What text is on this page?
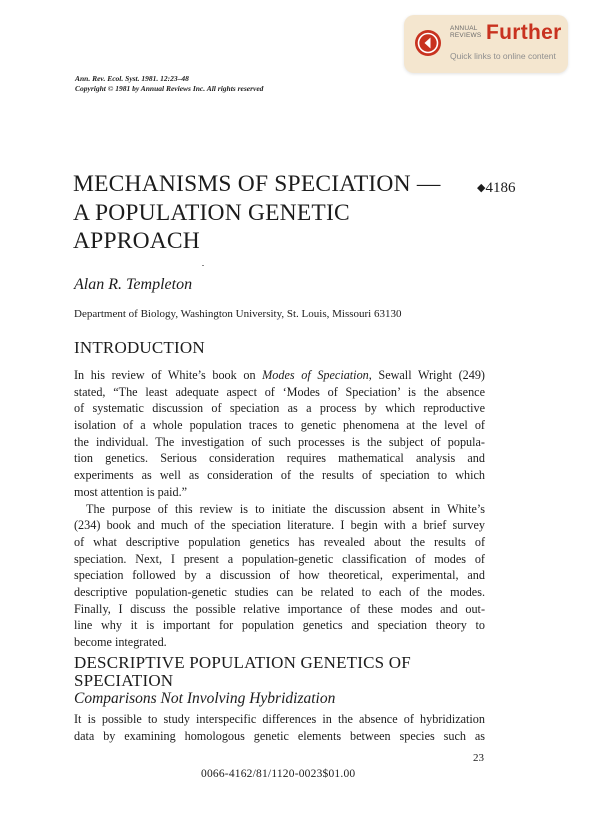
ANNUAL
REVIEWS Further
Quick links to online content
Ann. Rev. Ecol. Syst. 1981. 12:23–48
Copyright © 1981 by Annual Reviews Inc. All rights reserved
MECHANISMS OF SPECIATION —
A POPULATION GENETIC
APPROACH
◆4186
Alan R. Templeton
Department of Biology, Washington University, St. Louis, Missouri 63130
INTRODUCTION
In his review of White’s book on Modes of Speciation, Sewall Wright (249)
stated, “The least adequate aspect of ‘Modes of Speciation’ is the absence
of systematic discussion of speciation as a process by which reproductive
isolation of a whole population traces to genetic phenomena at the level of
the individual. The investigation of such processes is the subject of popula-
tion genetics. Serious consideration requires mathematical analysis and
experiments as well as consideration of the results of speciation to which
most attention is paid.”
The purpose of this review is to initiate the discussion absent in White’s
(234) book and much of the speciation literature. I begin with a brief survey
of what descriptive population genetics has revealed about the results of
speciation. Next, I present a population-genetic classification of modes of
speciation followed by a discussion of how theoretical, experimental, and
descriptive population-genetic studies can be related to each of the modes.
Finally, I discuss the possible relative importance of these modes and out-
line why it is important for population genetics and speciation theory to
become integrated.
DESCRIPTIVE POPULATION GENETICS OF
SPECIATION
Comparisons Not Involving Hybridization
It is possible to study interspecific differences in the absence of hybridization
data by examining homologous genetic elements between species such as
23
0066-4162/81/1120-0023$01.00
